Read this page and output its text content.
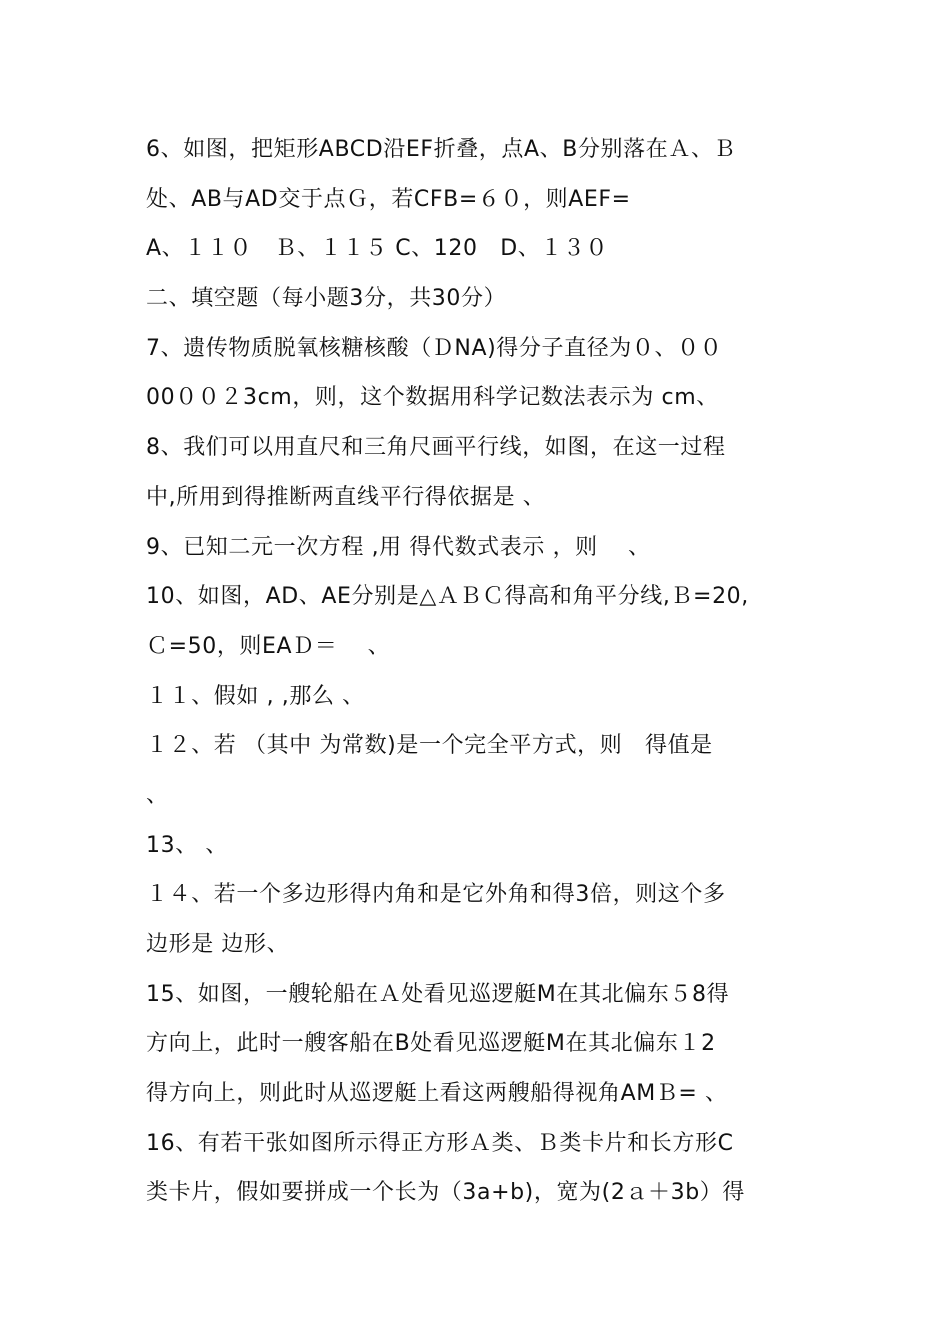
6、如图，把矩形ABCD沿EF折叠，点A、B分别落在Ａ、Ｂ
处、AB与AD交于点Ｇ，若CFB=６０，则AEF=
A、１１０　Ｂ、１１５ C、120　D、１３０
二、填空题（每小题3分，共30分）
7、遗传物质脱氧核糖核酸（ＤNA)得分子直径为０、００
00００２3cm，则，这个数据用科学记数法表示为 cm、
8、我们可以用直尺和三角尺画平行线，如图，在这一过程
中,所用到得推断两直线平行得依据是 、
9、已知二元一次方程 ,用 得代数式表示 ，则　 、
10、如图，AD、AE分别是△ＡＢＣ得高和角平分线,Ｂ=20,
Ｃ=50，则EAＤ＝　 、
１１、假如 , ,那么 、
１２、若 （其中 为常数)是一个完全平方式，则　得值是
、
13、 、
１４、若一个多边形得内角和是它外角和得3倍，则这个多
边形是 边形、
15、如图，一艘轮船在Ａ处看见巡逻艇M在其北偏东５8得
方向上，此时一艘客船在B处看见巡逻艇M在其北偏东１2
得方向上，则此时从巡逻艇上看这两艘船得视角AMＢ= 、
16、有若干张如图所示得正方形Ａ类、Ｂ类卡片和长方形C
类卡片，假如要拼成一个长为（3a+b)，宽为(2ａ＋3b）得
